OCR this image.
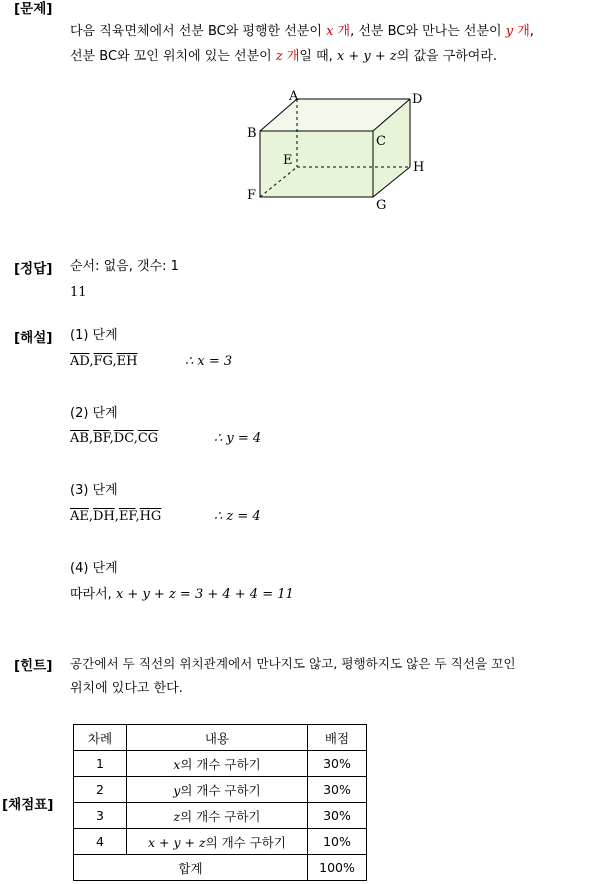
[문제]
다음 직육면체에서 선분 BC와 평행한 선분이 x 개, 선분 BC와 만나는 선분이 y 개,
선분 BC와 꼬인 위치에 있는 선분이 z 개일 때, x + y + z의 값을 구하여라.
A
B
C
D
E
F
G
H
[정답] 순서: 없음, 갯수: 1
11
[해설] (1) 단계
$\overline{AD},\overline{FG},\overline{EH}$	∴ x = 3
(2) 단계
$\overline{AB},\overline{BF},\overline{DC},\overline{CG}$	∴ y = 4
(3) 단계
$\overline{AE},\overline{DH},\overline{EF},\overline{HG}$	∴ z = 4
(4) 단계
따라서, x + y + z = 3 + 4 + 4 = 11
[힌트] 공간에서 두 직선의 위치관계에서 만나지도 않고, 평행하지도 않은 두 직선을 꼬인
위치에 있다고 한다.
[채점표]
차례	내용	배점
1	x의 개수 구하기	30%
2	y의 개수 구하기	30%
3	z의 개수 구하기	30%
4	x + y + z의 개수 구하기	10%
합계		100%
